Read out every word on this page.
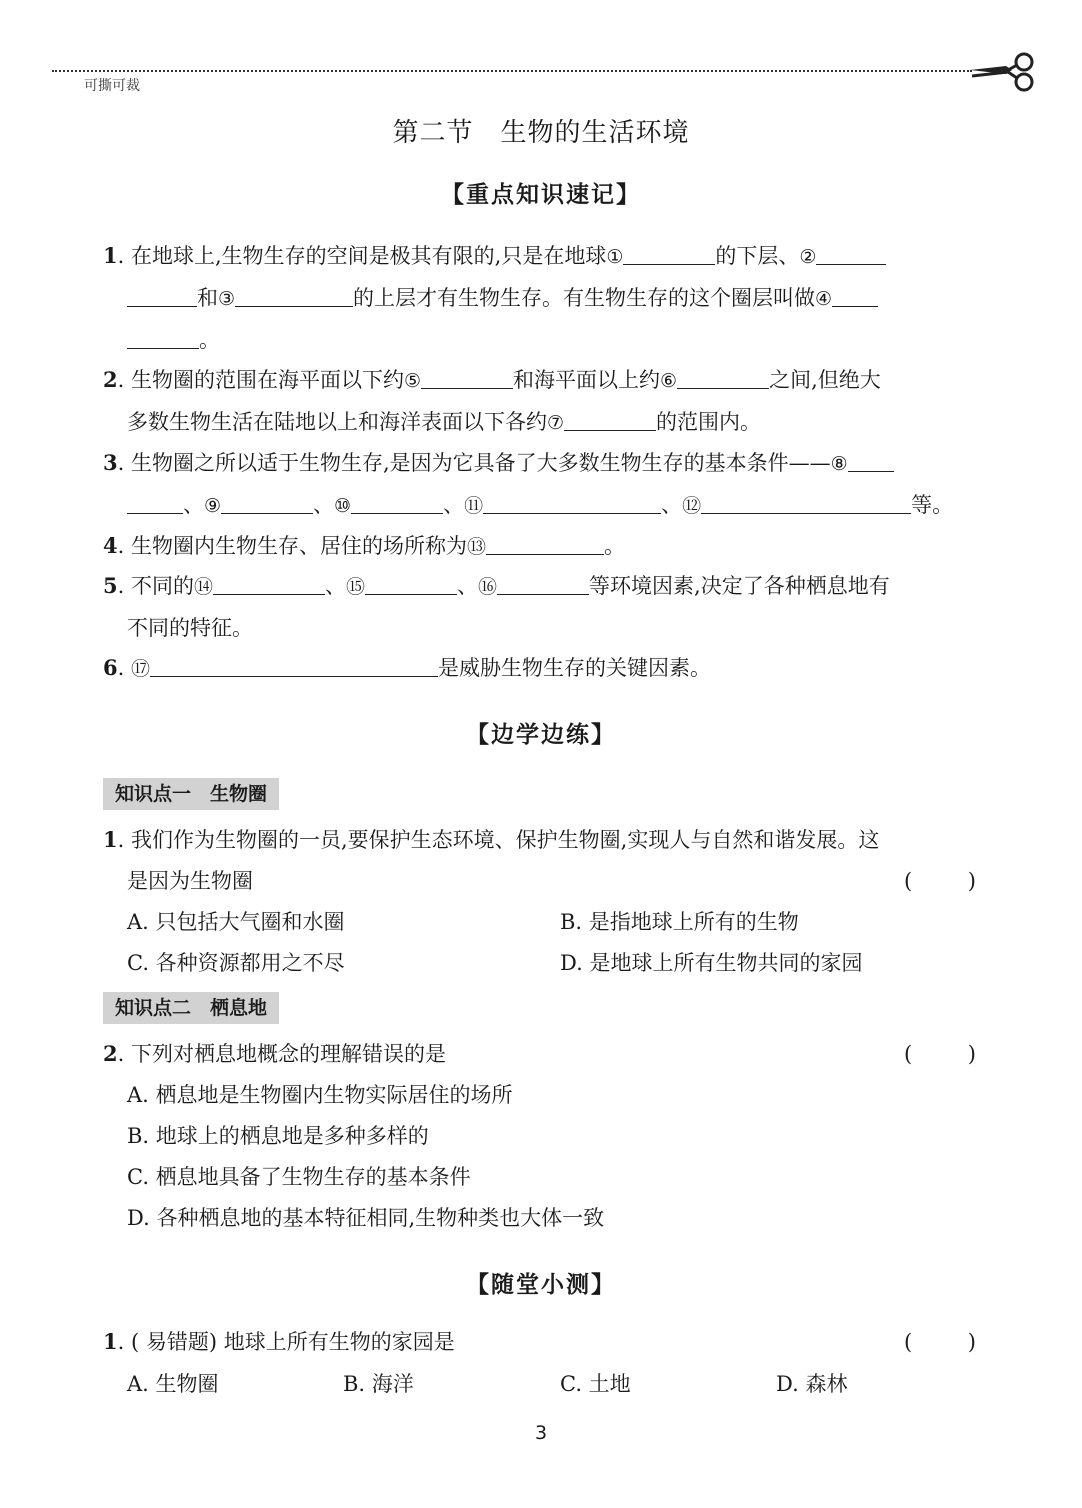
可撕可裁
第二节　生物的生活环境
【重点知识速记】
1. 在地球上,生物生存的空间是极其有限的,只是在地球①	的下层、②
和③	的上层才有生物生存。有生物生存的这个圈层叫做④
。
2. 生物圈的范围在海平面以下约⑤	和海平面以上约⑥	之间,但绝大
多数生物生活在陆地以上和海洋表面以下各约⑦	的范围内。
3. 生物圈之所以适于生物生存,是因为它具备了大多数生物生存的基本条件——⑧
、⑨	、⑩	、⑪	、⑫	等。
4. 生物圈内生物生存、居住的场所称为⑬	。
5. 不同的⑭	、⑮	、⑯	等环境因素,决定了各种栖息地有
不同的特征。
6. ⑰	是威胁生物生存的关键因素。
【边学边练】
知识点一　生物圈
1. 我们作为生物圈的一员,要保护生态环境、保护生物圈,实现人与自然和谐发展。这
是因为生物圈	(	)
A. 只包括大气圈和水圈	B. 是指地球上所有的生物
C. 各种资源都用之不尽	D. 是地球上所有生物共同的家园
知识点二　栖息地
2. 下列对栖息地概念的理解错误的是	(	)
A. 栖息地是生物圈内生物实际居住的场所
B. 地球上的栖息地是多种多样的
C. 栖息地具备了生物生存的基本条件
D. 各种栖息地的基本特征相同,生物种类也大体一致
【随堂小测】
1. ( 易错题) 地球上所有生物的家园是	(	)
A. 生物圈	B. 海洋	C. 土地	D. 森林
3
